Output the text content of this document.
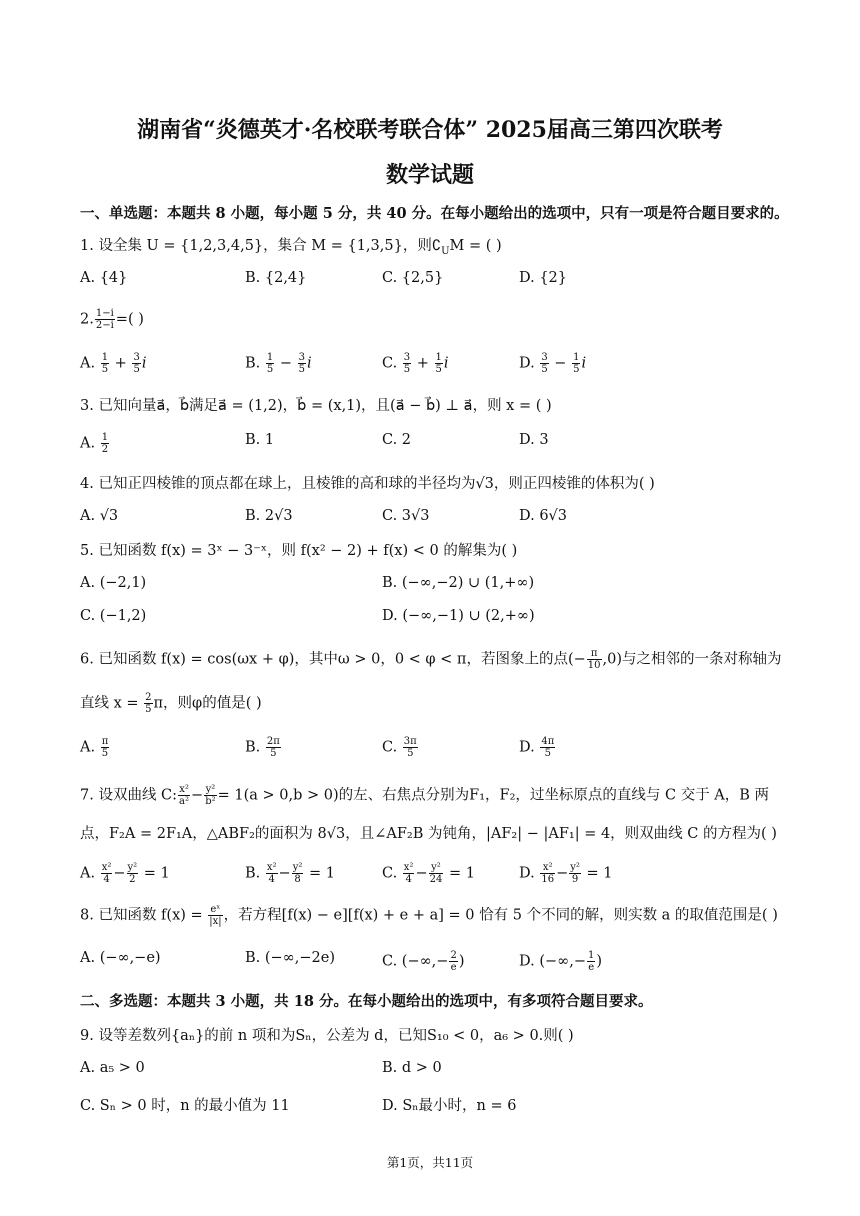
湖南省“炎德英才·名校联考联合体” 2025届高三第四次联考
数学试题

一、单选题：本题共 8 小题，每小题 5 分，共 40 分。在每小题给出的选项中，只有一项是符合题目要求的。

1. 设全集 U = {1,2,3,4,5}，集合 M = {1,3,5}，则$∁_UM$ = ( )

A. {4}	B. {2,4}	C. {2,5}	D. {2}

2. $\frac{1-i}{2-i}$ =( )

A. $\frac{1}{5} + \frac{3}{5}$ i	B. $\frac{1}{5} - \frac{3}{5}$ i	C. $\frac{3}{5} + \frac{1}{5}$ i	D. $\frac{3}{5} - \frac{1}{5}$ i

3. 已知向量a⃗，b⃗满足a⃗ = (1,2)，b⃗ = (x,1)，且(a⃗ − b⃗) ⊥ a⃗，则 x = ( )

A. $\frac{1}{2}$	B. 1	C. 2	D. 3

4. 已知正四棱锥的顶点都在球上，且棱锥的高和球的半径均为√3，则正四棱锥的体积为( )

A. √3	B. 2√3	C. 3√3	D. 6√3

5. 已知函数 f(x) = 3ˣ − 3⁻ˣ，则 f(x² − 2) + f(x) < 0 的解集为( )

A. (−2,1)	B. (−∞,−2) ∪ (1,+∞)
C. (−1,2)	D. (−∞,−1) ∪ (2,+∞)

6. 已知函数 f(x) = cos(ωx + φ)，其中ω > 0，0 < φ < π，若图象上的点(− $\frac{\pi}{10} ,0$)与之相邻的一条对称轴为

直线 $x = \frac{2}{5}$ π，则φ的值是( )

A. $\frac{\pi}{5}$	B. $\frac{2\pi}{5}$	C. $\frac{3\pi}{5}$	D. $\frac{4\pi}{5}$

7. 设双曲线 C: $\frac{\text{x²}}{\text{a²}} - \frac{\text{y²}}{\text{b²}} = 1(a > 0,b > 0)$的左、右焦点分别为F₁，F₂，过坐标原点的直线与 C 交于 A，B 两

点，F₂A = 2F₁A，△ABF₂的面积为 8√3，且∠AF₂B 为钝角，|AF₂| − |AF₁| = 4，则双曲线 C 的方程为( )

A. $\frac{\text{x²}}{4} - \frac{\text{y²}}{2} = 1$	B. $\frac{\text{x²}}{4} - \frac{\text{y²}}{8} = 1$	C. $\frac{\text{x²}}{4} - \frac{\text{y²}}{24} = 1$	D. $\frac{\text{x²}}{16} - \frac{\text{y²}}{9} = 1$

8. 已知函数 $f(x) = \frac{\text{eˣ}}{|x|}$ ，若方程[f(x) − e][f(x) + e + a] = 0 恰有 5 个不同的解，则实数 a 的取值范围是( )

A. (−∞,−e)	B. (−∞,−2e)	C. (−∞,− $\frac{2}{e}$ )	D. (−∞,− $\frac{1}{e}$ )

二、多选题：本题共 3 小题，共 18 分。在每小题给出的选项中，有多项符合题目要求。

9. 设等差数列{aₙ}的前 n 项和为Sₙ，公差为 d，已知S₁₀ < 0，a₆ > 0.则( )

A. a₅ > 0	B. d > 0
C. Sₙ > 0 时，n 的最小值为 11	D. Sₙ最小时，n = 6
第1页，共11页
